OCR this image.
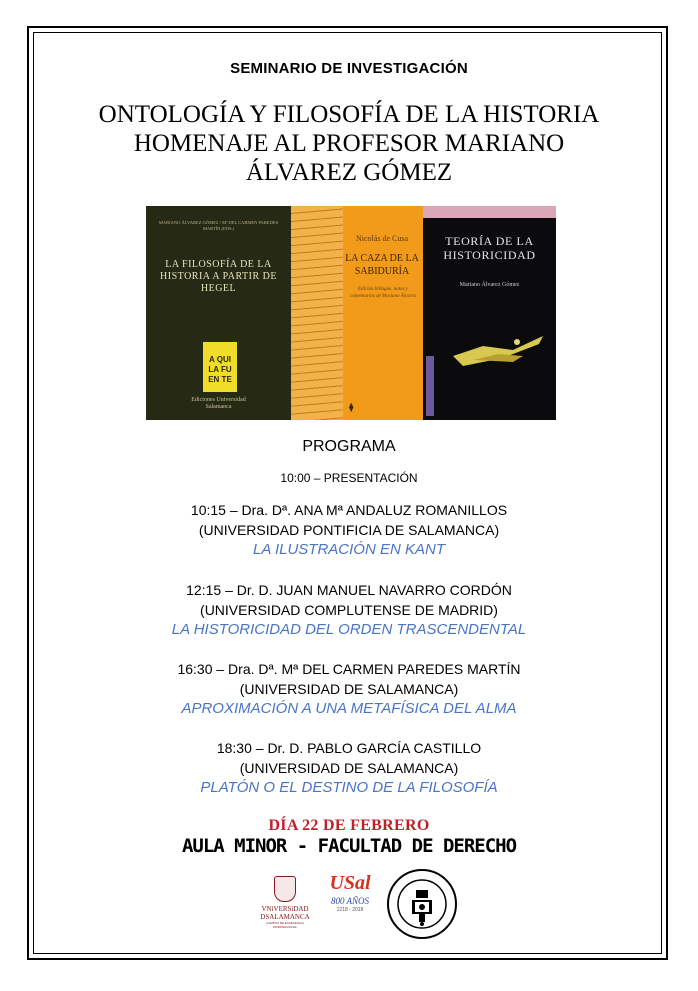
SEMINARIO DE INVESTIGACIÓN
ONTOLOGÍA Y FILOSOFÍA DE LA HISTORIA
HOMENAJE AL PROFESOR MARIANO
ÁLVAREZ GÓMEZ
MARIANO ÁLVAREZ GÓMEZ / Mª DEL CARMEN PAREDES MARTÍN (EDS.)
LA FILOSOFÍA DE LA HISTORIA A PARTIR DE HEGEL
A QUI LA FU EN TE
Ediciones Universidad Salamanca
Nicolás de Cusa
LA CAZA DE LA SABIDURÍA
Edición bilingüe, notas y comentarios de Mariano Álvarez
⧫
TEORÍA DE LA HISTORICIDAD
Mariano Álvarez Gómez
PROGRAMA
10:00 – PRESENTACIÓN
10:15 – Dra. Dª. ANA Mª ANDALUZ ROMANILLOS
(UNIVERSIDAD PONTIFICIA DE SALAMANCA)
LA ILUSTRACIÓN EN KANT
12:15 – Dr. D. JUAN MANUEL NAVARRO CORDÓN
(UNIVERSIDAD COMPLUTENSE DE MADRID)
LA HISTORICIDAD DEL ORDEN TRASCENDENTAL
16:30 – Dra. Dª. Mª DEL CARMEN PAREDES MARTÍN
(UNIVERSIDAD DE SALAMANCA)
APROXIMACIÓN A UNA METAFÍSICA DEL ALMA
18:30 – Dr. D. PABLO GARCÍA CASTILLO
(UNIVERSIDAD DE SALAMANCA)
PLATÓN O EL DESTINO DE LA FILOSOFÍA
DÍA 22 DE FEBRERO
AULA MINOR - FACULTAD DE DERECHO
VNiVERSiDAD
DSALAMANCA
CAMPUS DE EXCELENCIA INTERNACIONAL
USal
800 AÑOS
1218 - 2018
